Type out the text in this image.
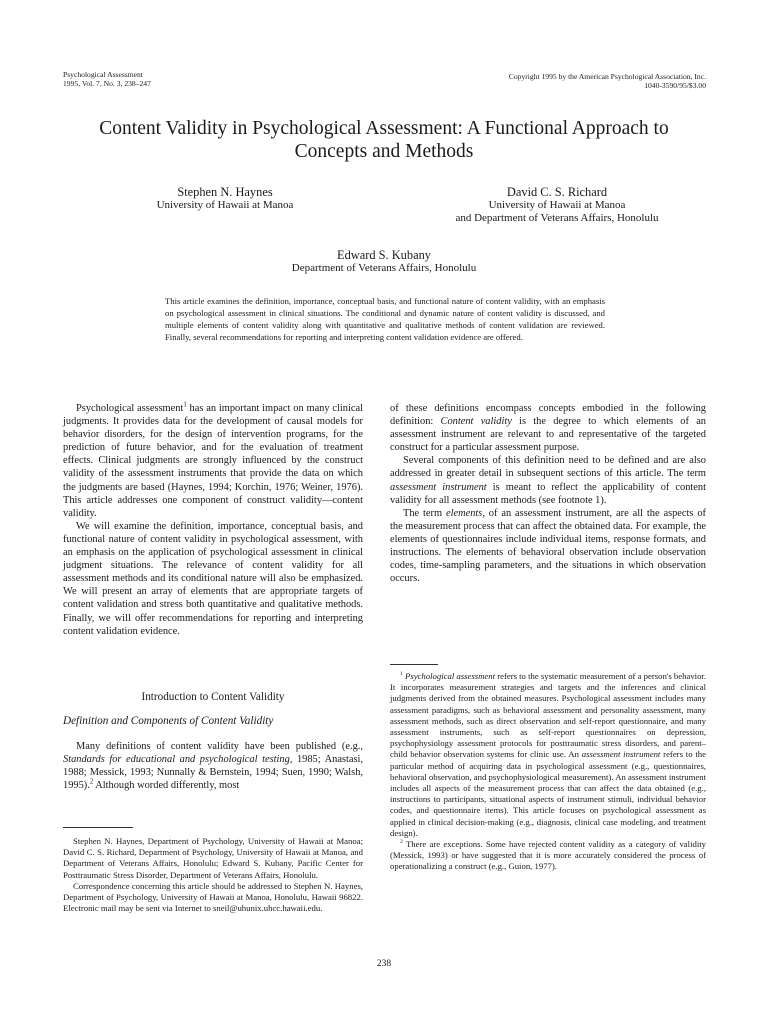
Psychological Assessment
1995, Vol. 7, No. 3, 238–247
Copyright 1995 by the American Psychological Association, Inc.
1040-3590/95/$3.00
Content Validity in Psychological Assessment: A Functional Approach to
Concepts and Methods
Stephen N. Haynes
University of Hawaii at Manoa
David C. S. Richard
University of Hawaii at Manoa
and Department of Veterans Affairs, Honolulu
Edward S. Kubany
Department of Veterans Affairs, Honolulu
This article examines the definition, importance, conceptual basis, and functional nature of content validity, with an emphasis on psychological assessment in clinical situations. The conditional and dynamic nature of content validity is discussed, and multiple elements of content validity along with quantitative and qualitative methods of content validation are reviewed. Finally, several recommendations for reporting and interpreting content validation evidence are offered.

Psychological assessment$^1$ has an important impact on many clinical judgments. It provides data for the development of causal models for behavior disorders, for the design of intervention programs, for the prediction of future behavior, and for the evaluation of treatment effects. Clinical judgments are strongly influenced by the construct validity of the assessment instruments that provide the data on which the judgments are based (Haynes, 1994; Korchin, 1976; Weiner, 1976). This article addresses one component of construct validity—content validity.

We will examine the definition, importance, conceptual basis, and functional nature of content validity in psychological assessment, with an emphasis on the application of psychological assessment in clinical judgment situations. The relevance of content validity for all assessment methods and its conditional nature will also be emphasized. We will present an array of elements that are appropriate targets of content validation and stress both quantitative and qualitative methods. Finally, we will offer recommendations for reporting and interpreting content validation evidence.

Introduction to Content Validity
Definition and Components of Content Validity

Many definitions of content validity have been published (e.g., Standards for educational and psychological testing, 1985; Anastasi, 1988; Messick, 1993; Nunnally & Bernstein, 1994; Suen, 1990; Walsh, 1995).$^2$ Although worded differently, most

Stephen N. Haynes, Department of Psychology, University of Hawaii at Manoa; David C. S. Richard, Department of Psychology, University of Hawaii at Manoa, and Department of Veterans Affairs, Honolulu; Edward S. Kubany, Pacific Center for Posttraumatic Stress Disorder, Department of Veterans Affairs, Honolulu.

Correspondence concerning this article should be addressed to Stephen N. Haynes, Department of Psychology, University of Hawaii at Manoa, Honolulu, Hawaii 96822. Electronic mail may be sent via Internet to sneil@uhunix.uhcc.hawaii.edu.

of these definitions encompass concepts embodied in the following definition: Content validity is the degree to which elements of an assessment instrument are relevant to and representative of the targeted construct for a particular assessment purpose.

Several components of this definition need to be defined and are also addressed in greater detail in subsequent sections of this article. The term assessment instrument is meant to reflect the applicability of content validity for all assessment methods (see footnote 1).

The term elements, of an assessment instrument, are all the aspects of the measurement process that can affect the obtained data. For example, the elements of questionnaires include individual items, response formats, and instructions. The elements of behavioral observation include observation codes, time-sampling parameters, and the situations in which observation occurs.

$^1$ Psychological assessment refers to the systematic measurement of a person's behavior. It incorporates measurement strategies and targets and the inferences and clinical judgments derived from the obtained measures. Psychological assessment includes many assessment paradigms, such as behavioral assessment and personality assessment, many assessment methods, such as direct observation and self-report questionnaire, and many assessment instruments, such as self-report questionnaires on depression, psychophysiology assessment protocols for posttraumatic stress disorders, and parent–child behavior observation systems for clinic use. An assessment instrument refers to the particular method of acquiring data in psychological assessment (e.g., questionnaires, behavioral observation, and psychophysiological measurement). An assessment instrument includes all aspects of the measurement process that can affect the data obtained (e.g., instructions to participants, situational aspects of instrument stimuli, individual behavior codes, and questionnaire items). This article focuses on psychological assessment as applied in clinical decision-making (e.g., diagnosis, clinical case modeling, and treatment design).

$^2$ There are exceptions. Some have rejected content validity as a category of validity (Messick, 1993) or have suggested that it is more accurately considered the process of operationalizing a construct (e.g., Guion, 1977).

238
